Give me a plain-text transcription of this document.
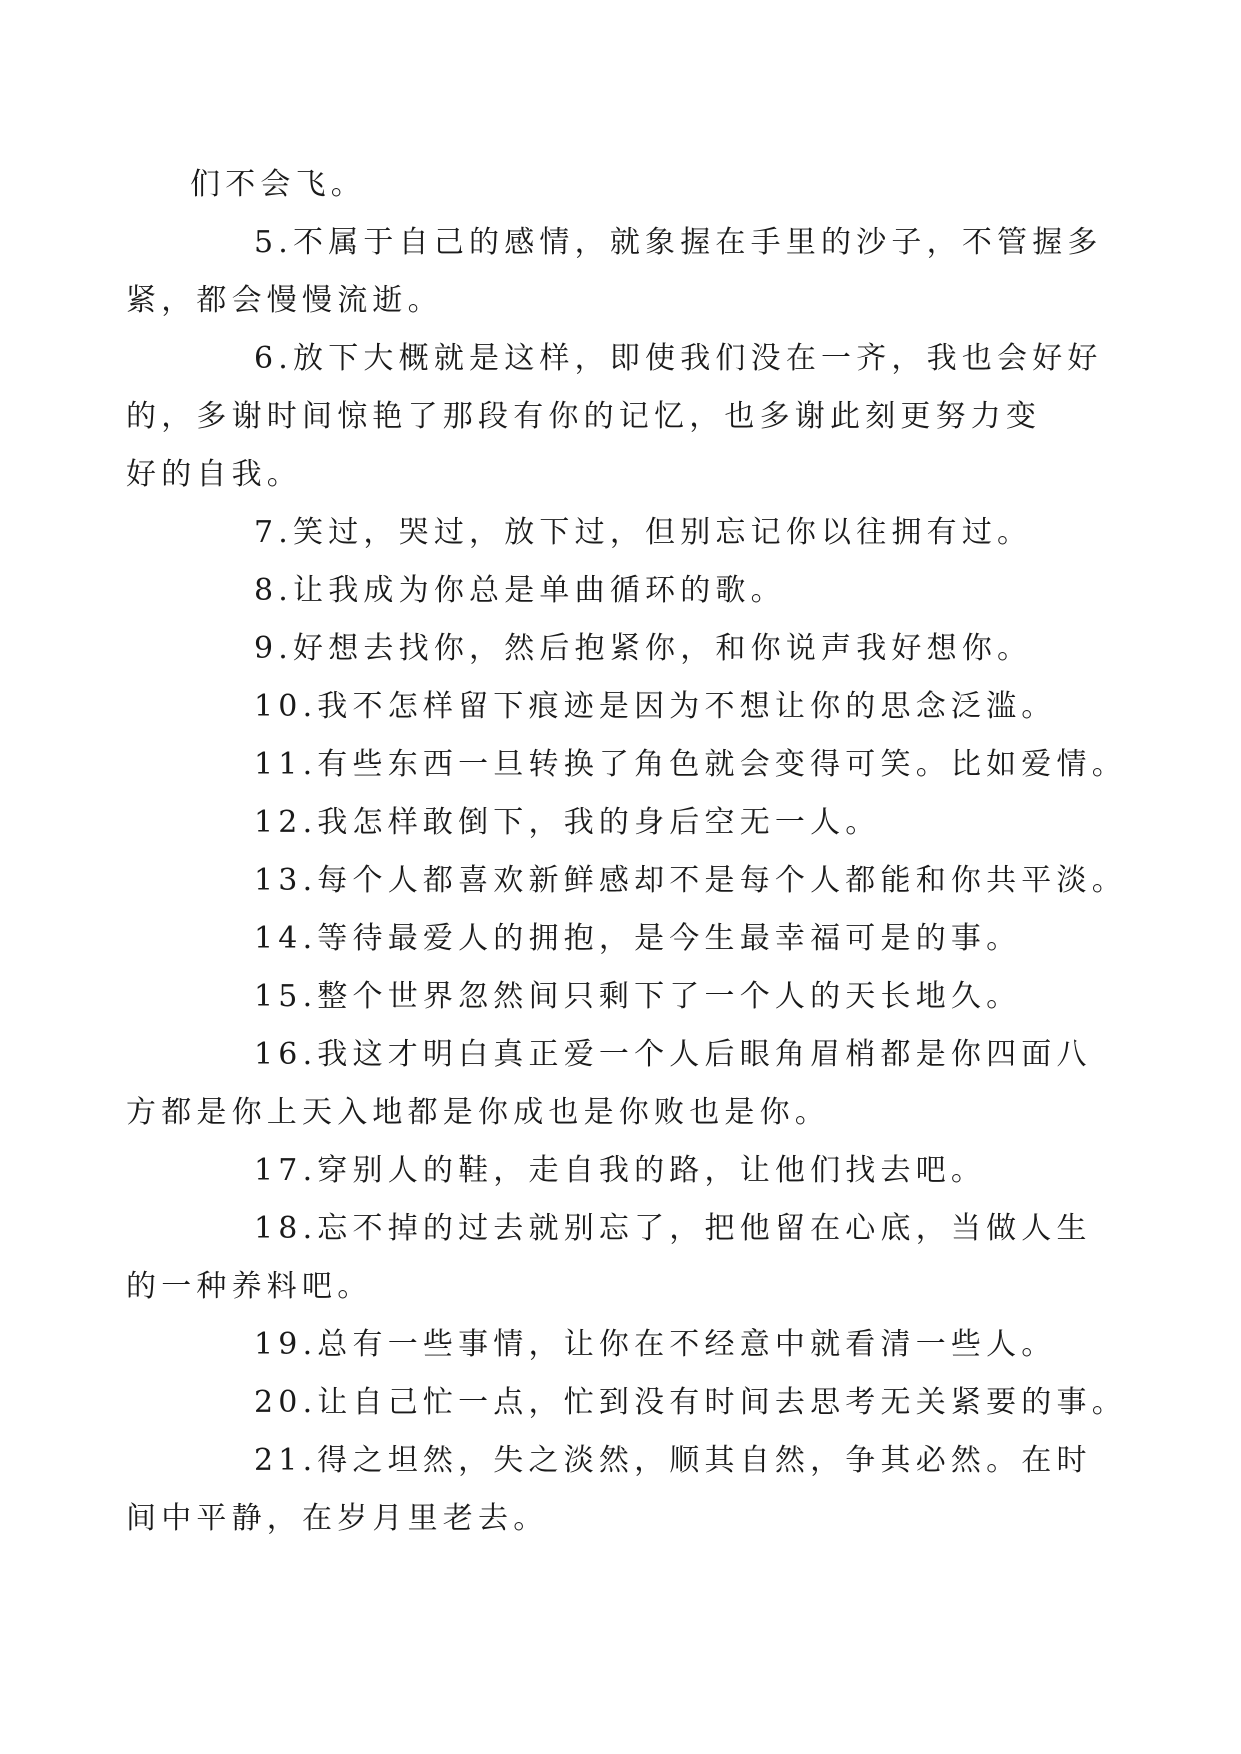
们不会飞。

5.不属于自己的感情，就象握在手里的沙子，不管握多
紧，都会慢慢流逝。

6.放下大概就是这样，即使我们没在一齐，我也会好好
的，多谢时间惊艳了那段有你的记忆，也多谢此刻更努力变
好的自我。

7.笑过，哭过，放下过，但别忘记你以往拥有过。

8.让我成为你总是单曲循环的歌。

9.好想去找你，然后抱紧你，和你说声我好想你。

10.我不怎样留下痕迹是因为不想让你的思念泛滥。

11.有些东西一旦转换了角色就会变得可笑。比如爱情。

12.我怎样敢倒下，我的身后空无一人。

13.每个人都喜欢新鲜感却不是每个人都能和你共平淡。

14.等待最爱人的拥抱，是今生最幸福可是的事。

15.整个世界忽然间只剩下了一个人的天长地久。

16.我这才明白真正爱一个人后眼角眉梢都是你四面八
方都是你上天入地都是你成也是你败也是你。

17.穿别人的鞋，走自我的路，让他们找去吧。

18.忘不掉的过去就别忘了，把他留在心底，当做人生
的一种养料吧。

19.总有一些事情，让你在不经意中就看清一些人。

20.让自己忙一点，忙到没有时间去思考无关紧要的事。

21.得之坦然，失之淡然，顺其自然，争其必然。在时
间中平静，在岁月里老去。
